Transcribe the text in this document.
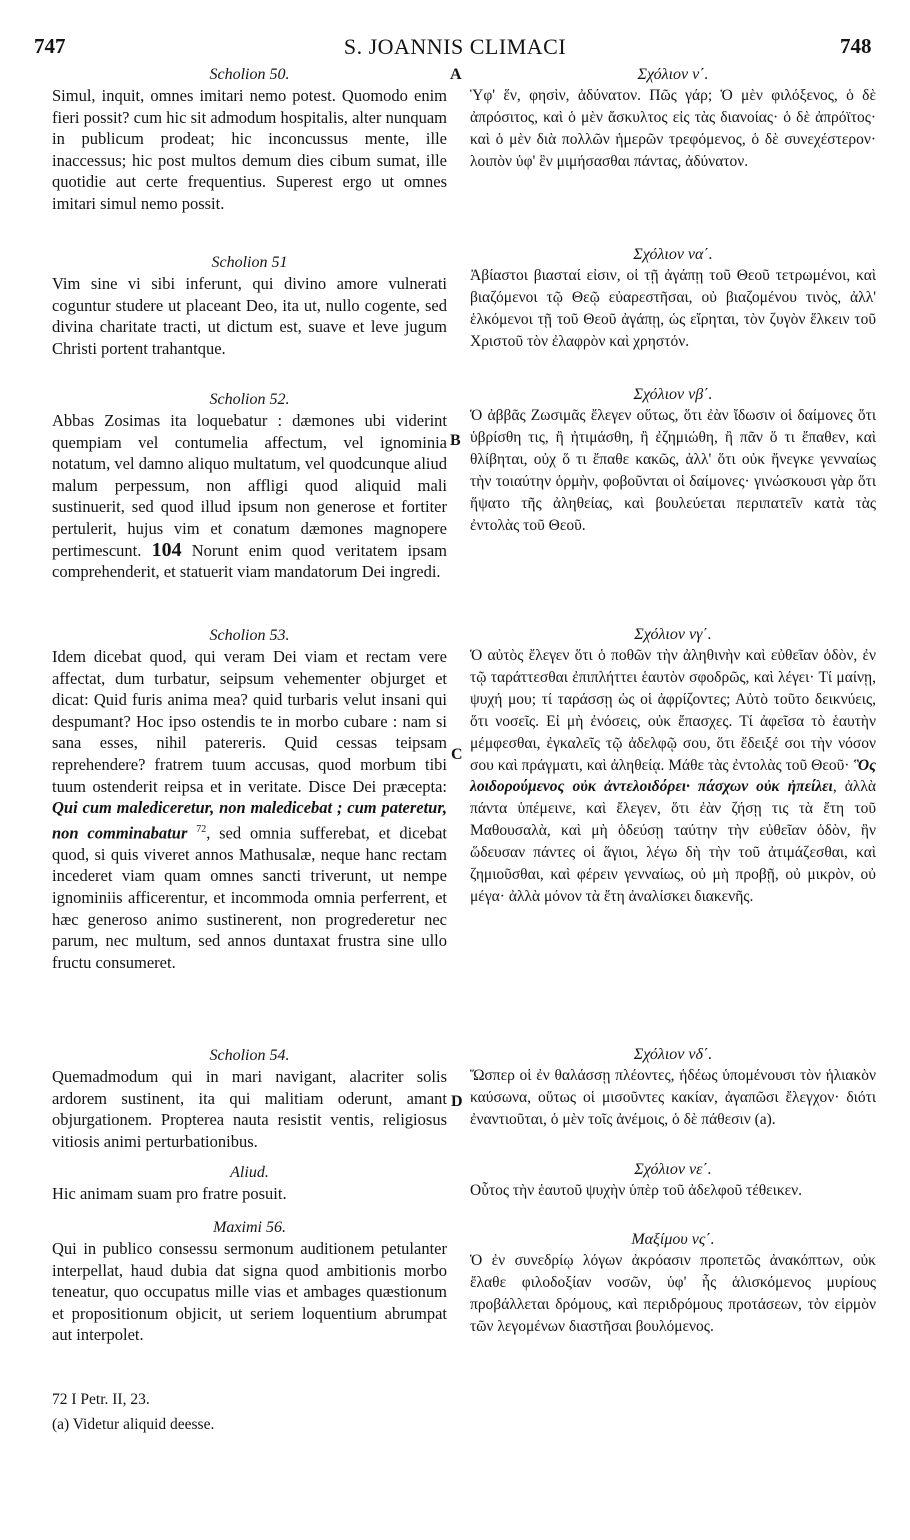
747	S. JOANNIS CLIMACI	748
A
B
C
D
Scholion 50.

Simul, inquit, omnes imitari nemo potest. Quomodo enim fieri possit? cum hic sit admodum hospitalis, alter nunquam in publicum prodeat; hic inconcussus mente, ille inaccessus; hic post multos demum dies cibum sumat, ille quotidie aut certe frequentius. Superest ergo ut omnes imitari simul nemo possit.

Scholion 51

Vim sine vi sibi inferunt, qui divino amore vulnerati coguntur studere ut placeant Deo, ita ut, nullo cogente, sed divina charitate tracti, ut dictum est, suave et leve jugum Christi portent trahantque.

Scholion 52.

Abbas Zosimas ita loquebatur : dæmones ubi viderint quempiam vel contumelia affectum, vel ignominia notatum, vel damno aliquo multatum, vel quodcunque aliud malum perpessum, non affligi quod aliquid mali sustinuerit, sed quod illud ipsum non generose et fortiter pertulerit, hujus vim et conatum dæmones magnopere pertimescunt. 104 Norunt enim quod veritatem ipsam comprehenderit, et statuerit viam mandatorum Dei ingredi.

Scholion 53.

Idem dicebat quod, qui veram Dei viam et rectam vere affectat, dum turbatur, seipsum vehementer objurget et dicat: Quid furis anima mea? quid turbaris velut insani qui despumant? Hoc ipso ostendis te in morbo cubare : nam si sana esses, nihil patereris. Quid cessas teipsam reprehendere? fratrem tuum accusas, quod morbum tibi tuum ostenderit reipsa et in veritate. Disce Dei præcepta: Qui cum malediceretur, non maledicebat ; cum pateretur, non comminabatur $^{72}$, sed omnia sufferebat, et dicebat quod, si quis viveret annos Mathusalæ, neque hanc rectam incederet viam quam omnes sancti triverunt, ut nempe ignominiis afficerentur, et incommoda omnia perferrent, et hæc generoso animo sustinerent, non progrederetur nec parum, nec multum, sed annos duntaxat frustra sine ullo fructu consumeret.

Scholion 54.

Quemadmodum qui in mari navigant, alacriter solis ardorem sustinent, ita qui malitiam oderunt, amant objurgationem. Propterea nauta resistit ventis, religiosus vitiosis animi perturbationibus.

Aliud.

Hic animam suam pro fratre posuit.

Maximi 56.

Qui in publico consessu sermonum auditionem petulanter interpellat, haud dubia dat signa quod ambitionis morbo teneatur, quo occupatus mille vias et ambages quæstionum et propositionum objicit, ut seriem loquentium abrumpat aut interpolet.

72 I Petr. II, 23.
(a) Videtur aliquid deesse.
Σχόλιον ν΄.

Ὑφ' ἕν, φησὶν, ἀδύνατον. Πῶς γάρ; Ὁ μὲν φιλόξενος, ὁ δὲ ἀπρόσιτος, καὶ ὁ μὲν ἄσκυλτος εἰς τὰς διανοίας· ὁ δὲ ἀπρόϊτος· καὶ ὁ μὲν διὰ πολλῶν ἡμερῶν τρεφόμενος, ὁ δὲ συνεχέστερον· λοιπὸν ὑφ' ἓν μιμήσασθαι πάντας, ἀδύνατον.

Σχόλιον να΄.

Ἀβίαστοι βιασταί εἰσιν, οἱ τῇ ἀγάπῃ τοῦ Θεοῦ τετρωμένοι, καὶ βιαζόμενοι τῷ Θεῷ εὐαρεστῆσαι, οὐ βιαζομένου τινὸς, ἀλλ' ἑλκόμενοι τῇ τοῦ Θεοῦ ἀγάπῃ, ὡς εἴρηται, τὸν ζυγὸν ἕλκειν τοῦ Χριστοῦ τὸν ἐλαφρὸν καὶ χρηστόν.

Σχόλιον νβ΄.

Ὁ ἀββᾶς Ζωσιμᾶς ἔλεγεν οὕτως, ὅτι ἐὰν ἴδωσιν οἱ δαίμονες ὅτι ὑβρίσθη τις, ἢ ἠτιμάσθη, ἢ ἐζημιώθη, ἢ πᾶν ὅ τι ἔπαθεν, καὶ θλίβηται, οὐχ ὅ τι ἔπαθε κακῶς, ἀλλ' ὅτι οὐκ ἤνεγκε γενναίως τὴν τοιαύτην ὁρμὴν, φοβοῦνται οἱ δαίμονες· γινώσκουσι γὰρ ὅτι ἥψατο τῆς ἀληθείας, καὶ βουλεύεται περιπατεῖν κατὰ τὰς ἐντολὰς τοῦ Θεοῦ.

Σχόλιον νγ΄.

Ὁ αὐτὸς ἔλεγεν ὅτι ὁ ποθῶν τὴν ἀληθινὴν καὶ εὐθεῖαν ὁδὸν, ἐν τῷ ταράττεσθαι ἐπιπλήττει ἑαυτὸν σφοδρῶς, καὶ λέγει· Τί μαίνῃ, ψυχή μου; τί ταράσσῃ ὡς οἱ ἀφρίζοντες; Αὐτὸ τοῦτο δεικνύεις, ὅτι νοσεῖς. Εἰ μὴ ἐνόσεις, οὐκ ἔπασχες. Τί ἀφεῖσα τὸ ἑαυτὴν μέμφεσθαι, ἐγκαλεῖς τῷ ἀδελφῷ σου, ὅτι ἔδειξέ σοι τὴν νόσον σου καὶ πράγματι, καὶ ἀληθείᾳ. Μάθε τὰς ἐντολὰς τοῦ Θεοῦ· Ὃς λοιδορούμενος οὐκ ἀντελοιδόρει· πάσχων οὐκ ἠπείλει, ἀλλὰ πάντα ὑπέμεινε, καὶ ἔλεγεν, ὅτι ἐὰν ζήσῃ τις τὰ ἔτη τοῦ Μαθουσαλὰ, καὶ μὴ ὁδεύσῃ ταύτην τὴν εὐθεῖαν ὁδὸν, ἣν ὥδευσαν πάντες οἱ ἅγιοι, λέγω δὴ τὴν τοῦ ἀτιμάζεσθαι, καὶ ζημιοῦσθαι, καὶ φέρειν γενναίως, οὐ μὴ προβῇ, οὐ μικρὸν, οὐ μέγα· ἀλλὰ μόνον τὰ ἔτη ἀναλίσκει διακενῆς.

Σχόλιον νδ΄.

Ὥσπερ οἱ ἐν θαλάσσῃ πλέοντες, ἡδέως ὑπομένουσι τὸν ἡλιακὸν καύσωνα, οὕτως οἱ μισοῦντες κακίαν, ἀγαπῶσι ἔλεγχον· διότι ἐναντιοῦται, ὁ μὲν τοῖς ἀνέμοις, ὁ δὲ πάθεσιν (a).

Σχόλιον νε΄.

Οὗτος τὴν ἑαυτοῦ ψυχὴν ὑπὲρ τοῦ ἀδελφοῦ τέθεικεν.

Μαξίμου νς΄.

Ὁ ἐν συνεδρίῳ λόγων ἀκρόασιν προπετῶς ἀνακόπτων, οὐκ ἔλαθε φιλοδοξίαν νοσῶν, ὑφ' ἧς ἁλισκόμενος μυρίους προβάλλεται δρόμους, καὶ περιδρόμους προτάσεων, τὸν εἱρμὸν τῶν λεγομένων διαστῆσαι βουλόμενος.
